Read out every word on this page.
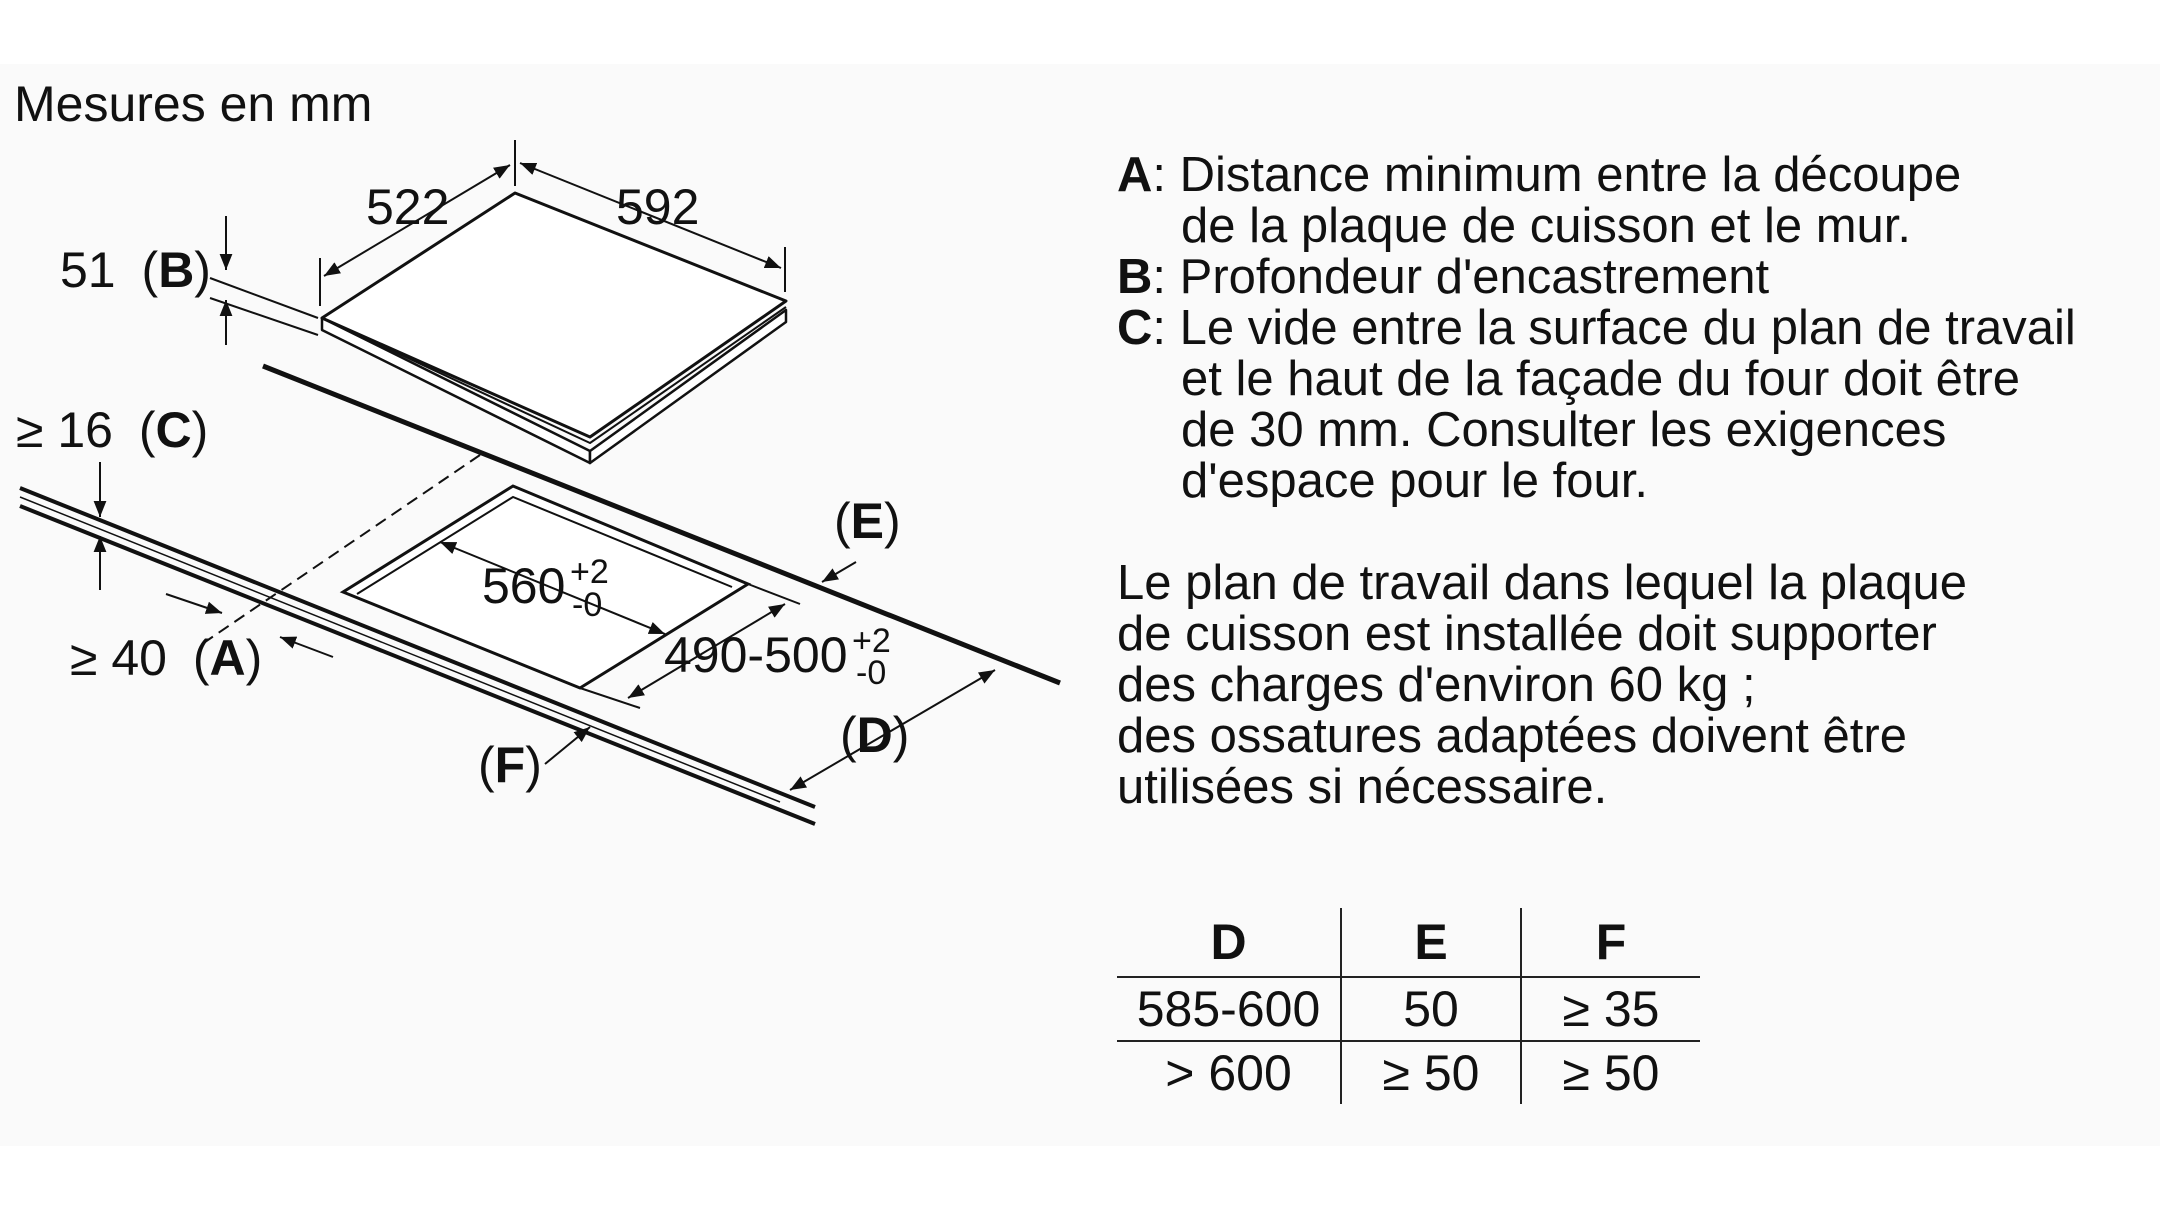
Mesures en mm
522	592
51 (B)
≥ 16 (C)
≥ 40 (A)
560 +2
-0
490-500 +2
-0
(E)
(D)
(F)
A :
Distance minimum entre la découpe
de la plaque de cuisson et le mur.
B :
Profondeur d'encastrement
C :
Le vide entre la surface du plan de travail
et le haut de la façade du four doit être
de 30 mm. Consulter les exigences
d'espace pour le four.

Le plan de travail dans lequel la plaque

de cuisson est installée doit supporter

des charges d'environ 60 kg ;

des ossatures adaptées doivent être

utilisées si nécessaire.

D	E	F
585-600	50	≥ 35
> 600	≥ 50	≥ 50
